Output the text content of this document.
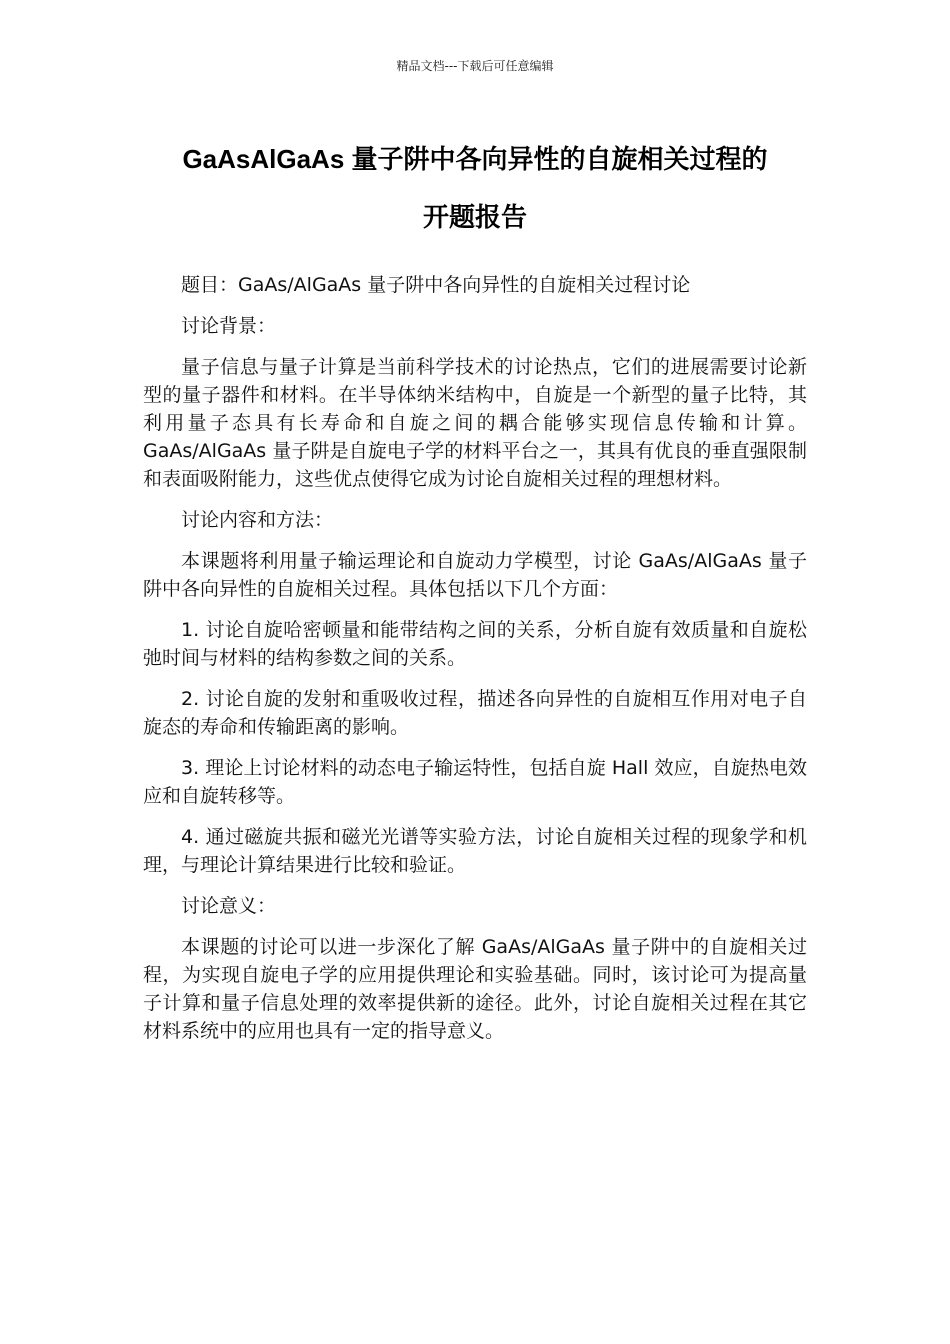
精品文档---下载后可任意编辑
GaAsAlGaAs 量子阱中各向异性的自旋相关过程的
开题报告

题目：GaAs/AlGaAs 量子阱中各向异性的自旋相关过程讨论

讨论背景：

量子信息与量子计算是当前科学技术的讨论热点，它们的进展需要讨论新型的量子器件和材料。在半导体纳米结构中，自旋是一个新型的量子比特，其利用量子态具有长寿命和自旋之间的耦合能够实现信息传输和计算。GaAs/AlGaAs 量子阱是自旋电子学的材料平台之一，其具有优良的垂直强限制和表面吸附能力，这些优点使得它成为讨论自旋相关过程的理想材料。

讨论内容和方法：

本课题将利用量子输运理论和自旋动力学模型，讨论 GaAs/AlGaAs 量子阱中各向异性的自旋相关过程。具体包括以下几个方面：

1. 讨论自旋哈密顿量和能带结构之间的关系，分析自旋有效质量和自旋松弛时间与材料的结构参数之间的关系。

2. 讨论自旋的发射和重吸收过程，描述各向异性的自旋相互作用对电子自旋态的寿命和传输距离的影响。

3. 理论上讨论材料的动态电子输运特性，包括自旋 Hall 效应，自旋热电效应和自旋转移等。

4. 通过磁旋共振和磁光光谱等实验方法，讨论自旋相关过程的现象学和机理，与理论计算结果进行比较和验证。

讨论意义：

本课题的讨论可以进一步深化了解 GaAs/AlGaAs 量子阱中的自旋相关过程，为实现自旋电子学的应用提供理论和实验基础。同时，该讨论可为提高量子计算和量子信息处理的效率提供新的途径。此外，讨论自旋相关过程在其它材料系统中的应用也具有一定的指导意义。
